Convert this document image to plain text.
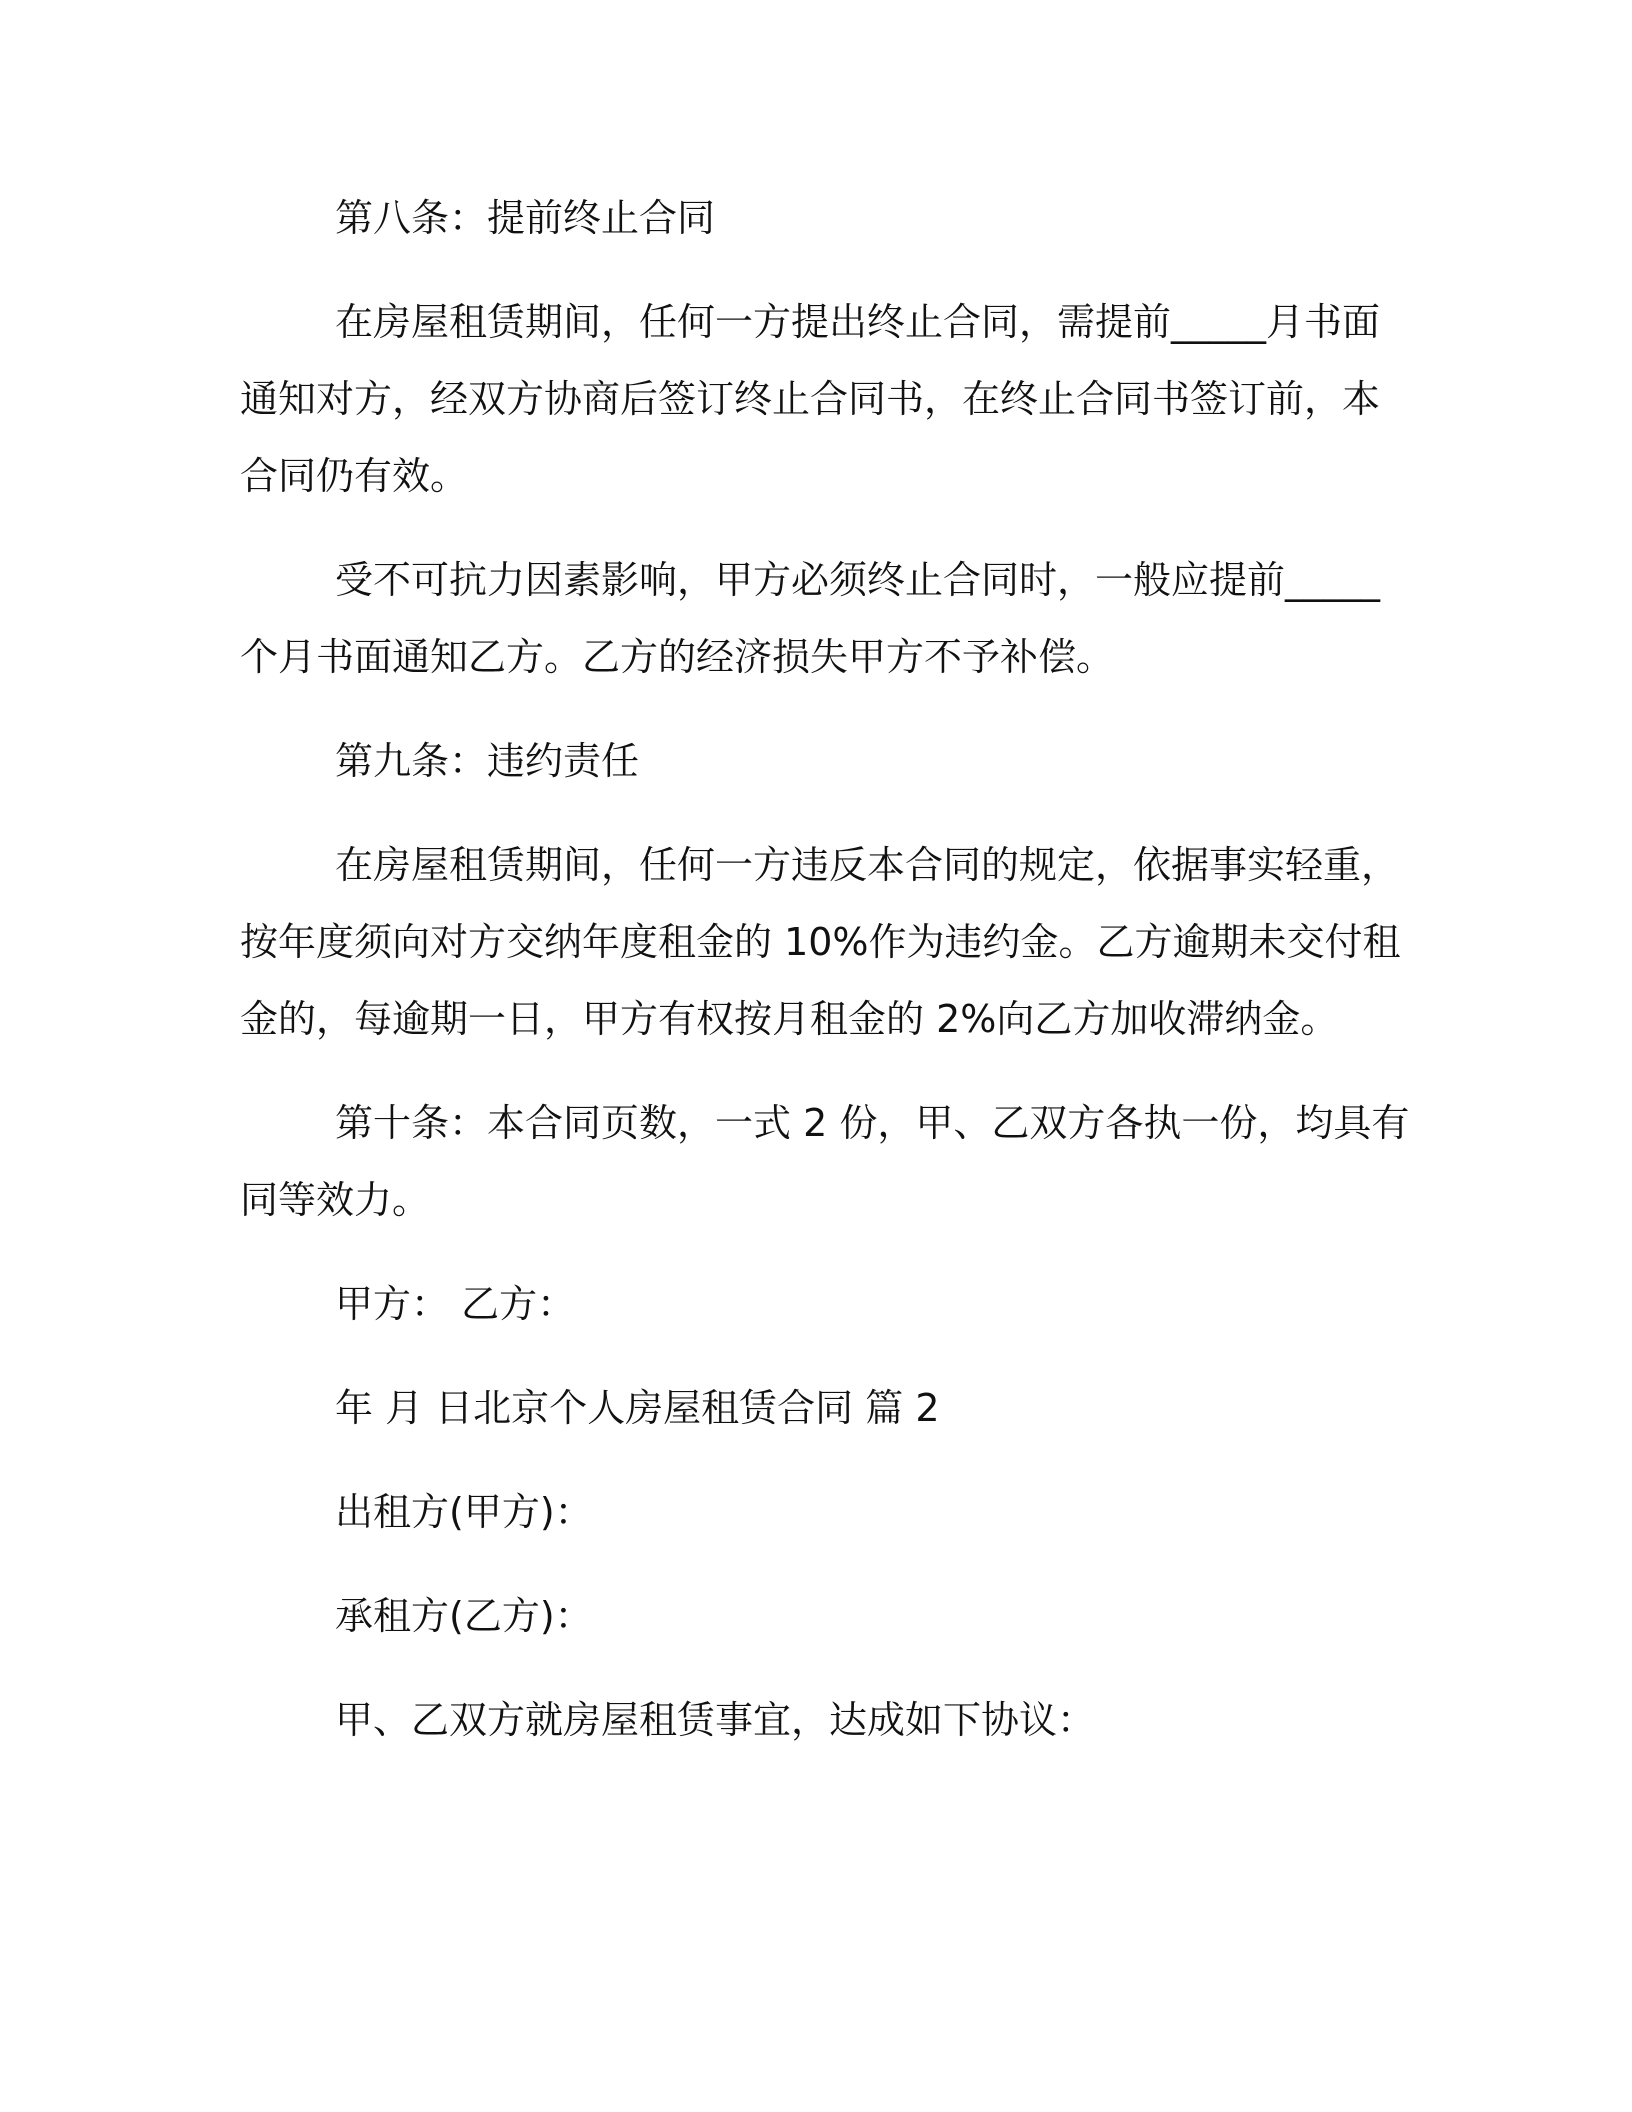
第八条：提前终止合同
在房屋租赁期间，任何一方提出终止合同，需提前_____月书面
通知对方，经双方协商后签订终止合同书，在终止合同书签订前，本
合同仍有效。
受不可抗力因素影响，甲方必须终止合同时，一般应提前_____
个月书面通知乙方。乙方的经济损失甲方不予补偿。
第九条：违约责任
在房屋租赁期间，任何一方违反本合同的规定，依据事实轻重，
按年度须向对方交纳年度租金的 10%作为违约金。乙方逾期未交付租
金的，每逾期一日，甲方有权按月租金的 2%向乙方加收滞纳金。
第十条：本合同页数，一式 2 份，甲、乙双方各执一份，均具有
同等效力。
甲方： 乙方：
年 月 日北京个人房屋租赁合同 篇 2
出租方(甲方)：
承租方(乙方)：
甲、乙双方就房屋租赁事宜，达成如下协议：
